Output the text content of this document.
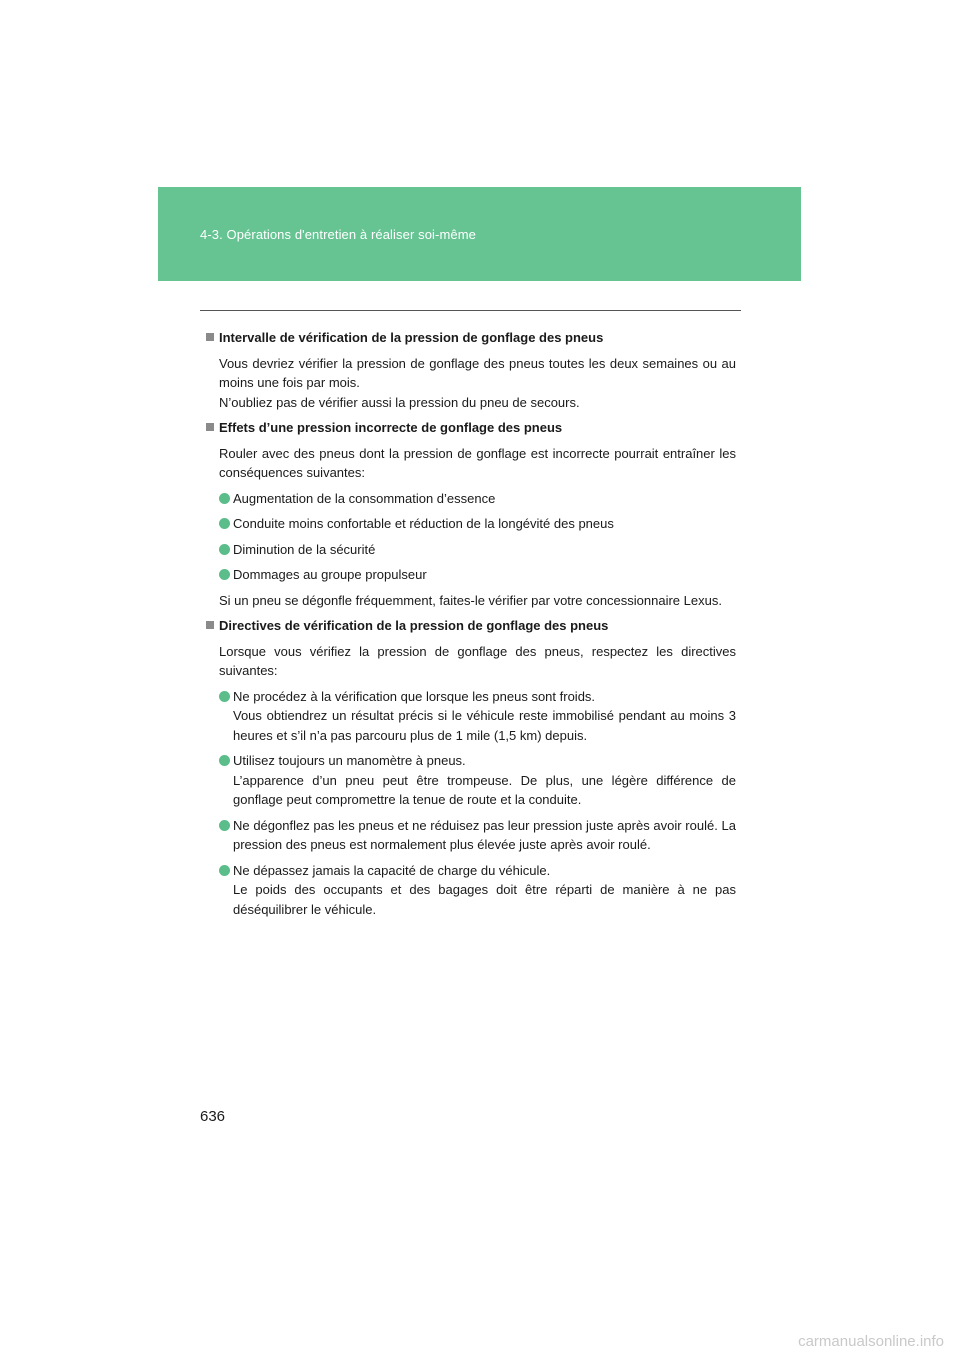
4-3. Opérations d'entretien à réaliser soi-même
Intervalle de vérification de la pression de gonflage des pneus
Vous devriez vérifier la pression de gonflage des pneus toutes les deux semaines ou au moins une fois par mois.
N’oubliez pas de vérifier aussi la pression du pneu de secours.
Effets d’une pression incorrecte de gonflage des pneus
Rouler avec des pneus dont la pression de gonflage est incorrecte pourrait entraîner les conséquences suivantes:
Augmentation de la consommation d’essence
Conduite moins confortable et réduction de la longévité des pneus
Diminution de la sécurité
Dommages au groupe propulseur
Si un pneu se dégonfle fréquemment, faites-le vérifier par votre concessionnaire Lexus.
Directives de vérification de la pression de gonflage des pneus
Lorsque vous vérifiez la pression de gonflage des pneus, respectez les directives suivantes:
Ne procédez à la vérification que lorsque les pneus sont froids.
Vous obtiendrez un résultat précis si le véhicule reste immobilisé pendant au moins 3 heures et s’il n’a pas parcouru plus de 1 mile (1,5 km) depuis.
Utilisez toujours un manomètre à pneus.
L’apparence d’un pneu peut être trompeuse. De plus, une légère différence de gonflage peut compromettre la tenue de route et la conduite.
Ne dégonflez pas les pneus et ne réduisez pas leur pression juste après avoir roulé. La pression des pneus est normalement plus élevée juste après avoir roulé.
Ne dépassez jamais la capacité de charge du véhicule.
Le poids des occupants et des bagages doit être réparti de manière à ne pas déséquilibrer le véhicule.
636
carmanualsonline.info
